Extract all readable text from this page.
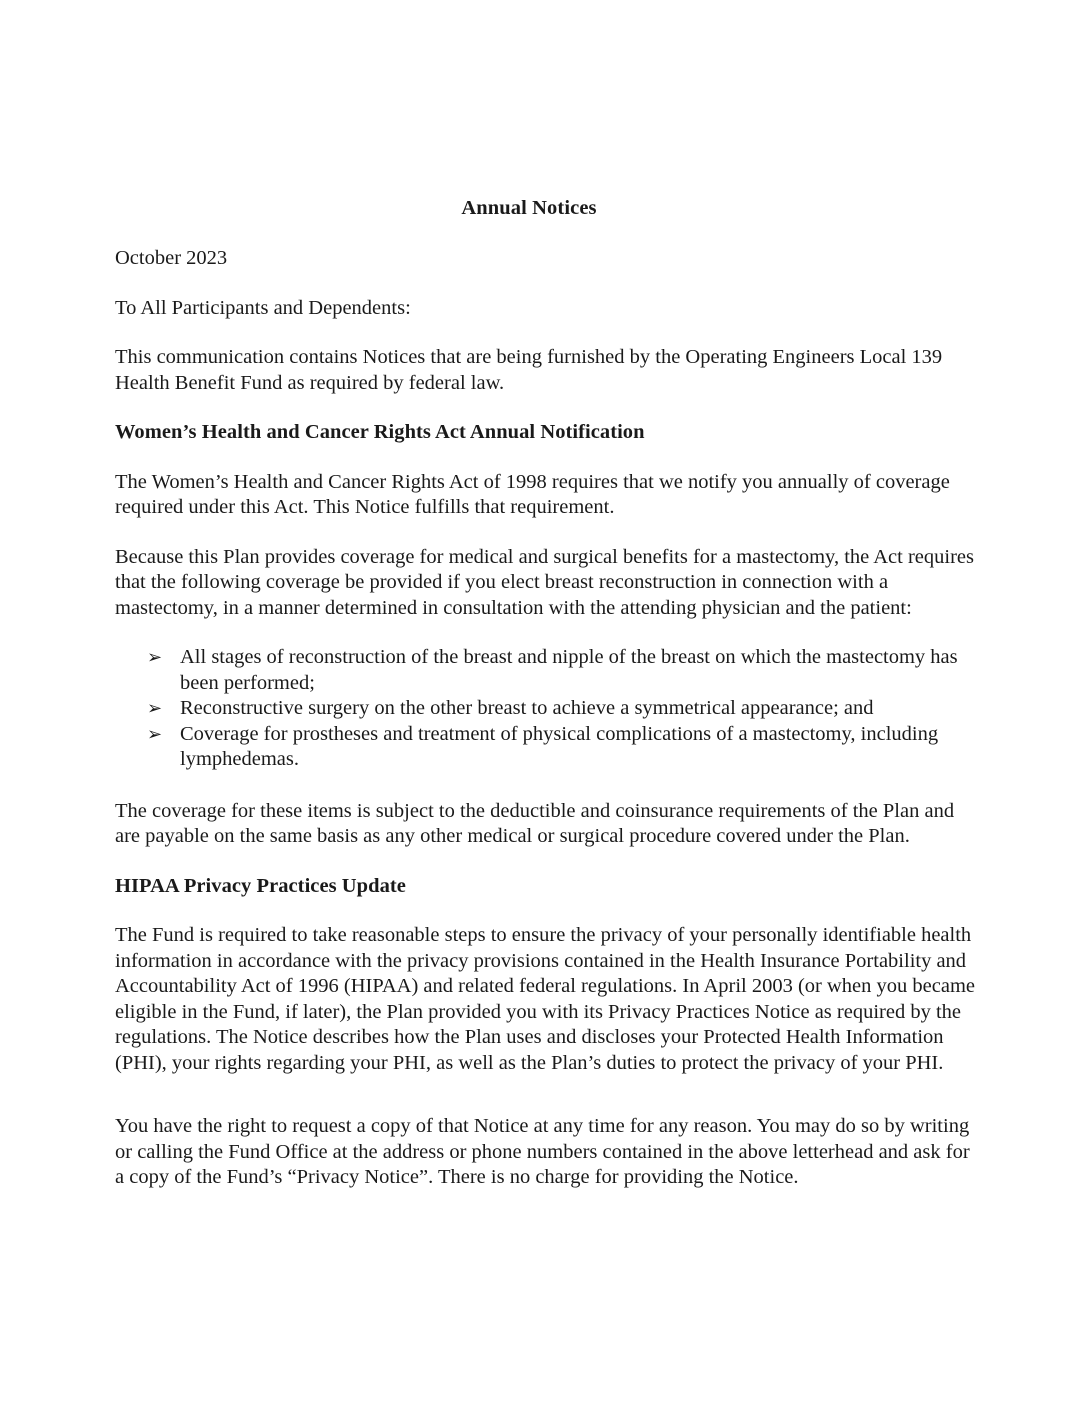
Annual Notices

October 2023

To All Participants and Dependents:

This communication contains Notices that are being furnished by the Operating Engineers Local 139 Health Benefit Fund as required by federal law.

Women’s Health and Cancer Rights Act Annual Notification

The Women’s Health and Cancer Rights Act of 1998 requires that we notify you annually of coverage required under this Act. This Notice fulfills that requirement.

Because this Plan provides coverage for medical and surgical benefits for a mastectomy, the Act requires that the following coverage be provided if you elect breast reconstruction in connection with a mastectomy, in a manner determined in consultation with the attending physician and the patient:

➢ All stages of reconstruction of the breast and nipple of the breast on which the mastectomy has been performed;
➢ Reconstructive surgery on the other breast to achieve a symmetrical appearance; and
➢ Coverage for prostheses and treatment of physical complications of a mastectomy, including lymphedemas.

The coverage for these items is subject to the deductible and coinsurance requirements of the Plan and are payable on the same basis as any other medical or surgical procedure covered under the Plan.

HIPAA Privacy Practices Update

The Fund is required to take reasonable steps to ensure the privacy of your personally identifiable health information in accordance with the privacy provisions contained in the Health Insurance Portability and Accountability Act of 1996 (HIPAA) and related federal regulations. In April 2003 (or when you became eligible in the Fund, if later), the Plan provided you with its Privacy Practices Notice as required by the regulations. The Notice describes how the Plan uses and discloses your Protected Health Information (PHI), your rights regarding your PHI, as well as the Plan’s duties to protect the privacy of your PHI.

You have the right to request a copy of that Notice at any time for any reason. You may do so by writing or calling the Fund Office at the address or phone numbers contained in the above letterhead and ask for a copy of the Fund’s “Privacy Notice”. There is no charge for providing the Notice.
